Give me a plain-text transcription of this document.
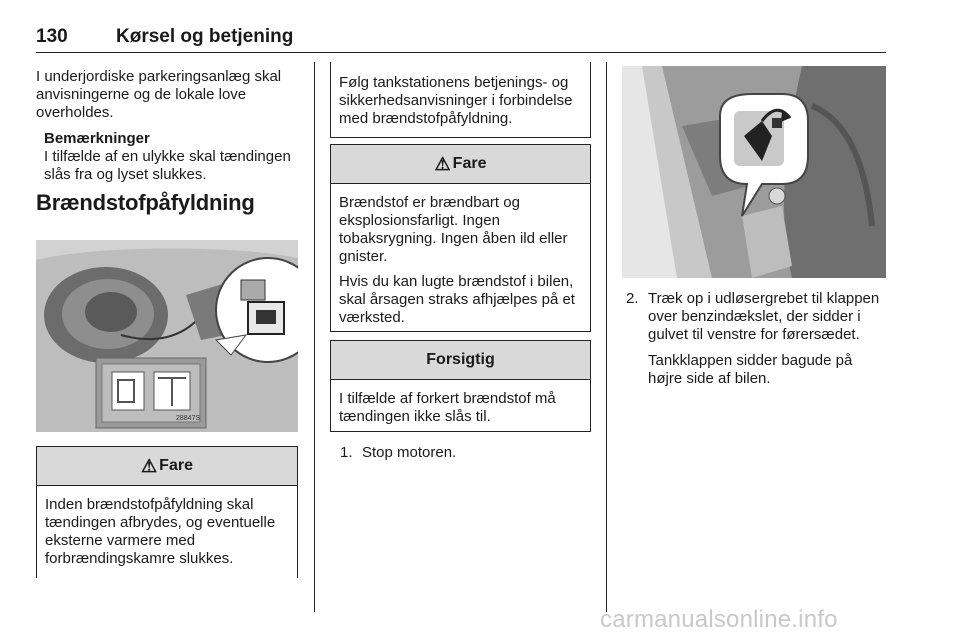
130	Kørsel og betjening

I underjordiske parkeringsanlæg skal anvisningerne og de lokale love overholdes.

Bemærkninger

I tilfælde af en ulykke skal tændingen slås fra og lyset slukkes.

Brændstofpåfyldning
28847S
⚠ Fare

Inden brændstofpåfyldning skal tændingen afbrydes, og eventuelle eksterne varmere med forbrændingskamre slukkes.

Følg tankstationens betjenings- og sikkerhedsanvisninger i forbindelse med brændstofpåfyldning.

⚠ Fare

Brændstof er brændbart og eksplosionsfarligt. Ingen tobaksrygning. Ingen åben ild eller gnister.

Hvis du kan lugte brændstof i bilen, skal årsagen straks afhjælpes på et værksted.

Forsigtig

I tilfælde af forkert brændstof må tændingen ikke slås til.

1. Stop motoren.

2. Træk op i udløsergrebet til klappen over benzindækslet, der sidder i gulvet til venstre for førersædet.

Tankklappen sidder bagude på højre side af bilen.

carmanualsonline.info
